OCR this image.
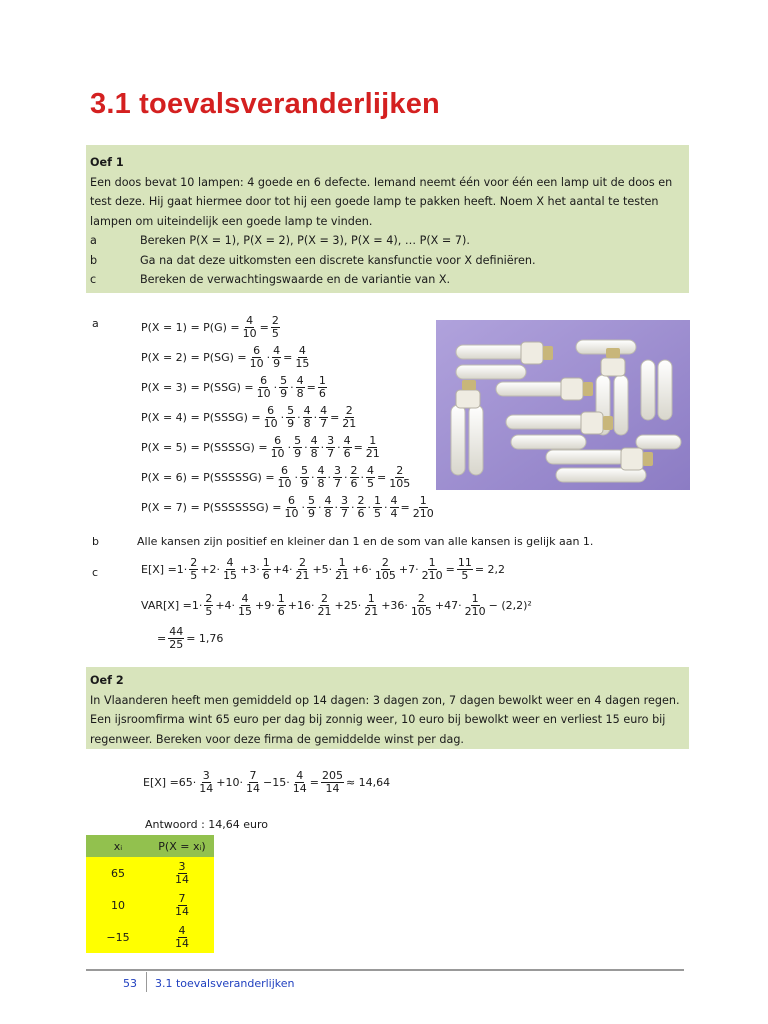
3.1 toevalsveranderlijken
Oef 1
Een doos bevat 10 lampen: 4 goede en 6 defecte. Iemand neemt één voor één een lamp uit de doos en test deze. Hij gaat hiermee door tot hij een goede lamp te pakken heeft. Noem X het aantal te testen lampen om uiteindelijk een goede lamp te vinden.
a	Bereken P(X = 1), P(X = 2), P(X = 3), P(X = 4), … P(X = 7).
b	Ga na dat deze uitkomsten een discrete kansfunctie voor X definiëren.
c	Bereken de verwachtingswaarde en de variantie van X.
a	$P(X = 1) = P(G) = \frac{4}{10} = \frac{2}{5}$
$P(X = 2) = P(SG) = \frac{6}{10} \cdot \frac{4}{9} = \frac{4}{15}$
$P(X = 3) = P(SSG) = \frac{6}{10} \cdot \frac{5}{9} \cdot \frac{4}{8} = \frac{1}{6}$
P(X = 4) = P(SSSG) = $\frac{6}{10} \cdot \frac{5}{9} \cdot \frac{4}{8} \cdot \frac{4}{7} = \frac{2}{21}$
P(X = 5) = P(SSSSG) = $\frac{6}{10} \cdot \frac{5}{9} \cdot \frac{4}{8} \cdot \frac{3}{7} \cdot \frac{4}{6} = \frac{1}{21}$
P(X = 6) = P(SSSSSG) = $\frac{6}{10} \cdot \frac{5}{9} \cdot \frac{4}{8} \cdot \frac{3}{7} \cdot \frac{2}{6} \cdot \frac{4}{5} = \frac{2}{105}$
P(X = 7) = P(SSSSSSG) = $\frac{6}{10} \cdot \frac{5}{9} \cdot \frac{4}{8} \cdot \frac{3}{7} \cdot \frac{2}{6} \cdot \frac{1}{5} \cdot \frac{4}{4} = \frac{1}{210}$
b	Alle kansen zijn positief en kleiner dan 1 en de som van alle kansen is gelijk aan 1.
c	$E[X] = 1\cdot \frac{2}{5} + 2\cdot \frac{4}{15} + 3\cdot \frac{1}{6} + 4\cdot \frac{2}{21} + 5\cdot \frac{1}{21} + 6\cdot \frac{2}{105} + 7\cdot \frac{1}{210} = \frac{11}{5} = 2,2$
$VAR[X] = 1\cdot \frac{2}{5} + 4\cdot \frac{4}{15} + 9\cdot \frac{1}{6} + 16\cdot \frac{2}{21} + 25\cdot \frac{1}{21} + 36\cdot \frac{2}{105} + 47\cdot \frac{1}{210} - (2,2)^2$
= $\frac{44}{25} = 1,76$
Oef 2
In Vlaanderen heeft men gemiddeld op 14 dagen: 3 dagen zon, 7 dagen bewolkt weer en 4 dagen regen. Een ijsroomfirma wint 65 euro per dag bij zonnig weer, 10 euro bij bewolkt weer en verliest 15 euro bij regenweer. Bereken voor deze firma de gemiddelde winst per dag.
$E[X] = 65\cdot \frac{3}{14} + 10\cdot \frac{7}{14} - 15\cdot \frac{4}{14} = \frac{205}{14} \approx 14,64$
Antwoord : 14,64 euro
xᵢ	P(X = xᵢ)
65	$\frac{3}{14}$

10	$\frac{7}{14}$

−15	$\frac{4}{14}$
53 3.1 toevalsveranderlijken
